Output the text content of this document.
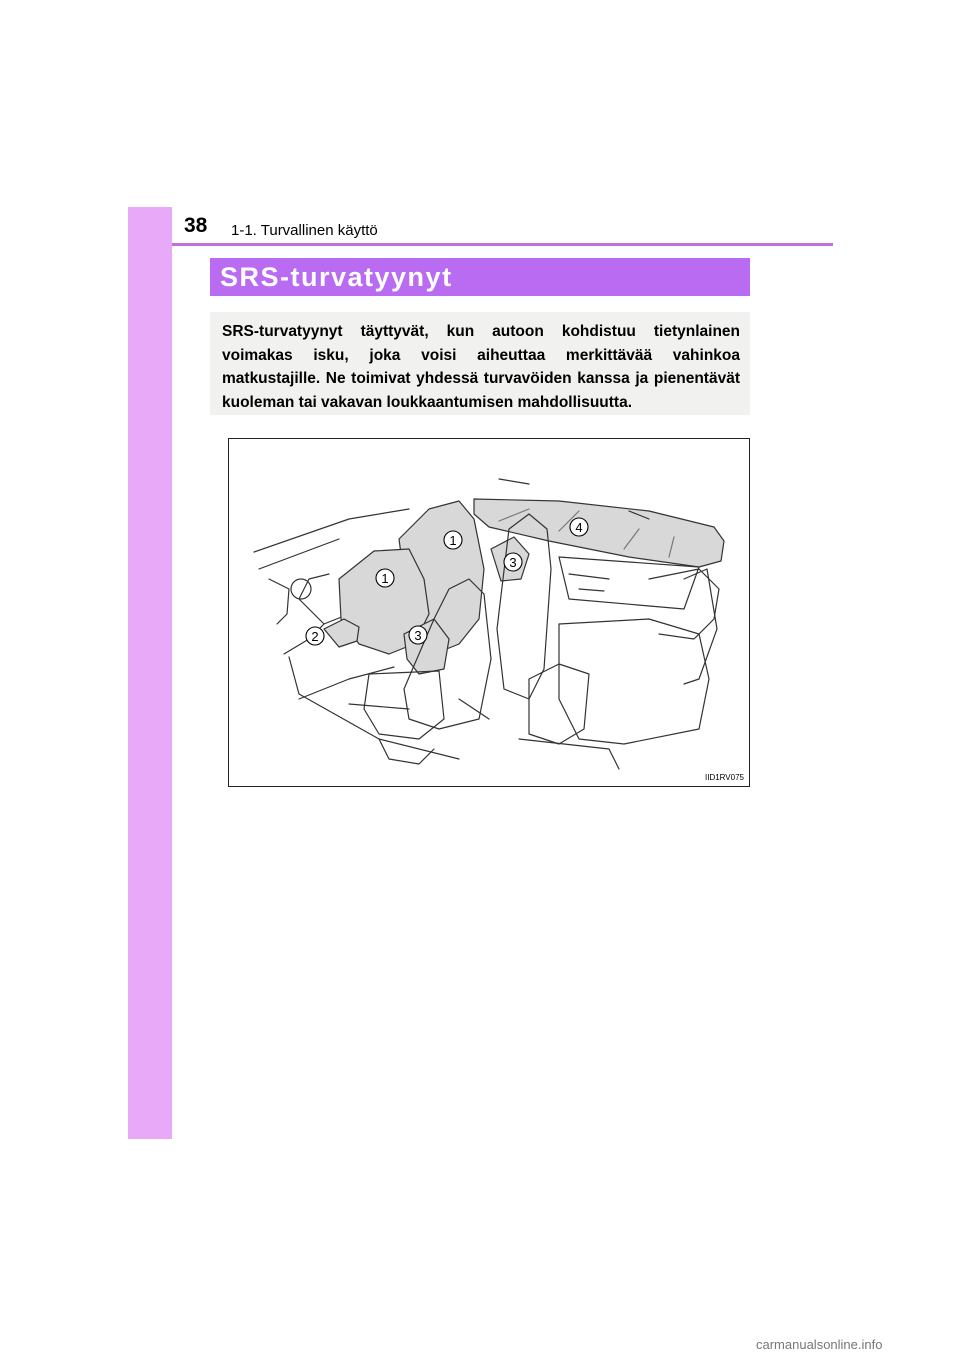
38 1-1. Turvallinen käyttö
SRS-turvatyynyt
SRS-turvatyynyt täyttyvät, kun autoon kohdistuu tietynlainen voimakas isku, joka voisi aiheuttaa merkittävää vahinkoa matkustajille. Ne toimivat yhdessä turvavöiden kanssa ja pienentävät kuoleman tai vakavan loukkaantumisen mahdollisuutta.
1
1
2	3
3
4
IID1RV075
carmanualsonline.info
